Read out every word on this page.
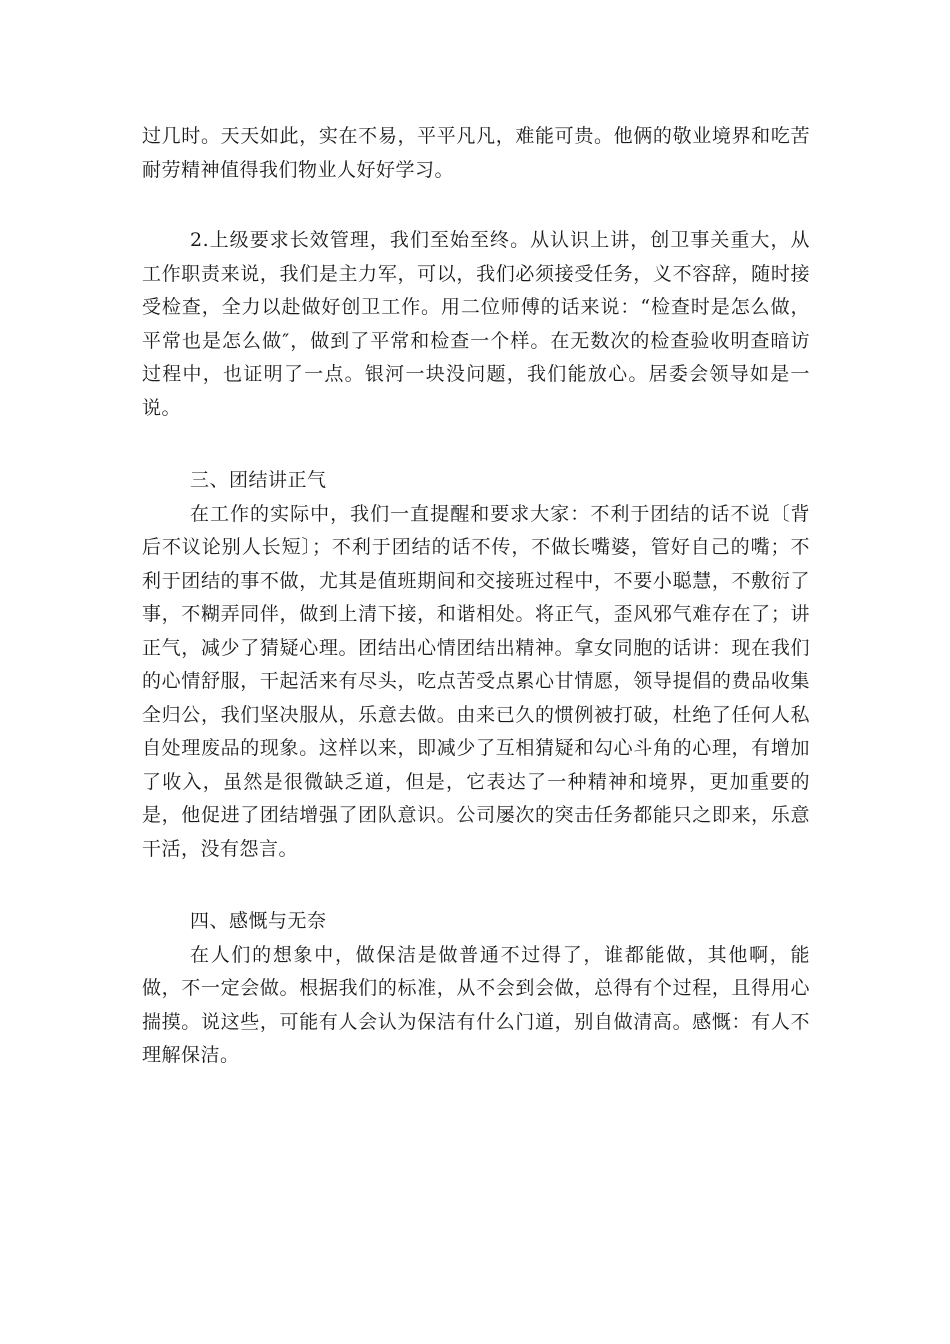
过几时。天天如此，实在不易，平平凡凡，难能可贵。他俩的敬业境界和吃苦耐劳精神值得我们物业人好好学习。

2.上级要求长效管理，我们至始至终。从认识上讲，创卫事关重大，从工作职责来说，我们是主力军，可以，我们必须接受任务，义不容辞，随时接受检查，全力以赴做好创卫工作。用二位师傅的话来说：“检查时是怎么做，平常也是怎么做″，做到了平常和检查一个样。在无数次的检查验收明查暗访过程中，也证明了一点。银河一块没问题，我们能放心。居委会领导如是一说。

三、团结讲正气

在工作的实际中，我们一直提醒和要求大家：不利于团结的话不说〔背后不议论别人长短〕；不利于团结的话不传，不做长嘴婆，管好自己的嘴；不利于团结的事不做，尤其是值班期间和交接班过程中，不要小聪慧，不敷衍了事，不糊弄同伴，做到上清下接，和谐相处。将正气，歪风邪气难存在了；讲正气，减少了猜疑心理。团结出心情团结出精神。拿女同胞的话讲：现在我们的心情舒服，干起活来有尽头，吃点苦受点累心甘情愿，领导提倡的费品收集全归公，我们坚决服从，乐意去做。由来已久的惯例被打破，杜绝了任何人私自处理废品的现象。这样以来，即减少了互相猜疑和勾心斗角的心理，有增加了收入，虽然是很微缺乏道，但是，它表达了一种精神和境界，更加重要的是，他促进了团结增强了团队意识。公司屡次的突击任务都能只之即来，乐意干活，没有怨言。

四、感慨与无奈

在人们的想象中，做保洁是做普通不过得了，谁都能做，其他啊，能做，不一定会做。根据我们的标准，从不会到会做，总得有个过程，且得用心揣摸。说这些，可能有人会认为保洁有什么门道，别自做清高。感慨：有人不理解保洁。
